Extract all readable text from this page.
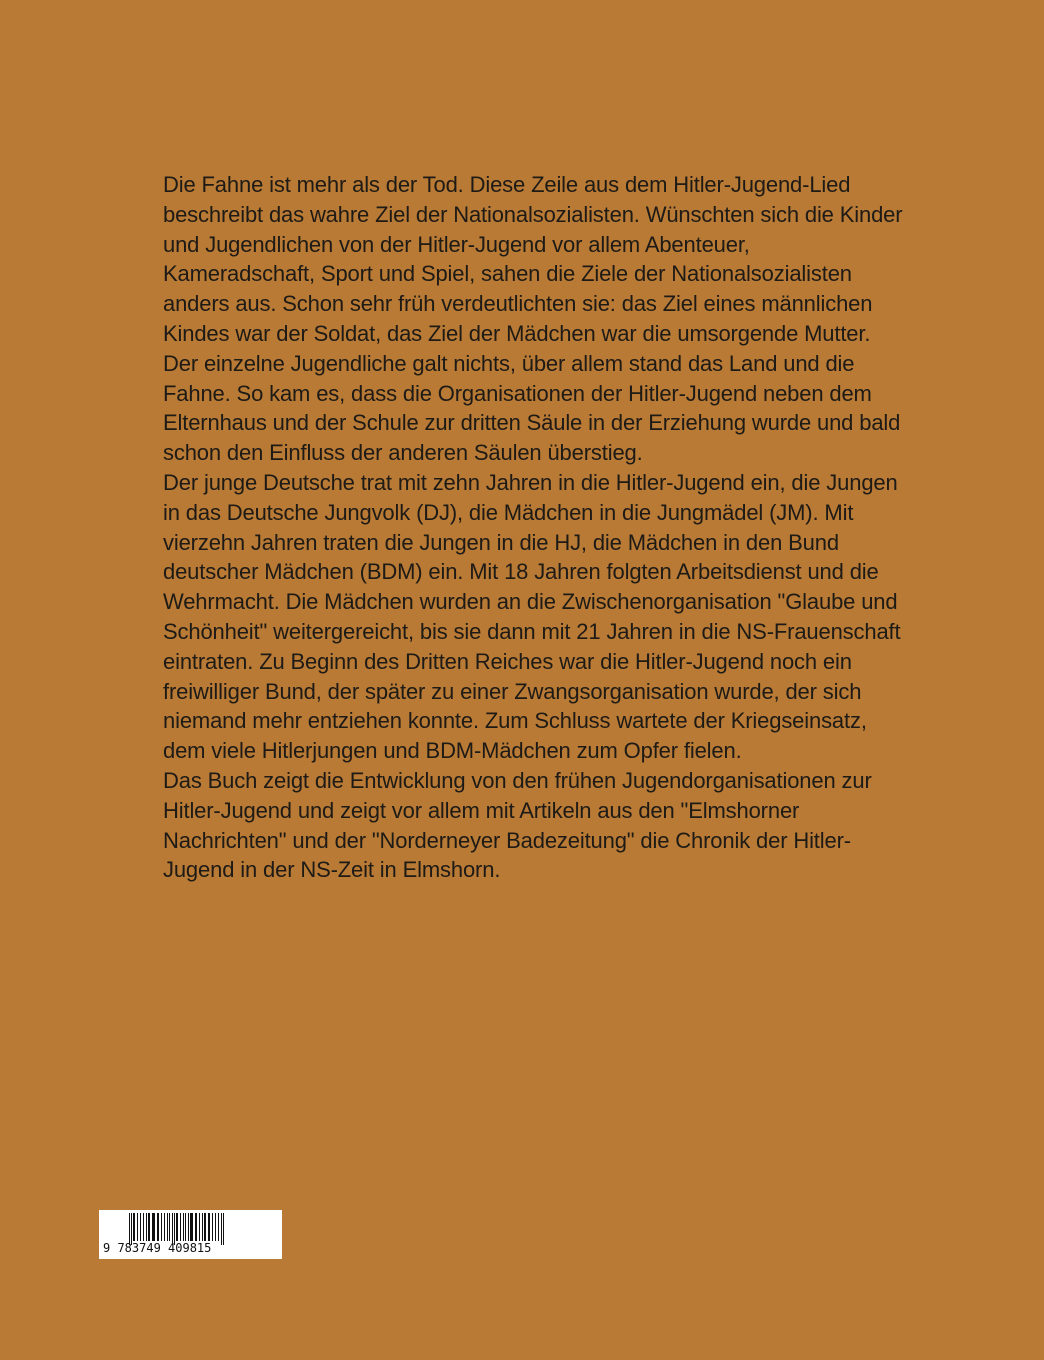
Die Fahne ist mehr als der Tod. Diese Zeile aus dem Hitler-Jugend-Lied beschreibt das wahre Ziel der Nationalsozialisten. Wünschten sich die Kinder und Jugendlichen von der Hitler-Jugend vor allem Abenteuer, Kameradschaft, Sport und Spiel, sahen die Ziele der Nationalsozialisten anders aus. Schon sehr früh verdeutlichten sie: das Ziel eines männlichen Kindes war der Soldat, das Ziel der Mädchen war die umsorgende Mutter. Der einzelne Jugendliche galt nichts, über allem stand das Land und die Fahne. So kam es, dass die Organisationen der Hitler-Jugend neben dem Elternhaus und der Schule zur dritten Säule in der Erziehung wurde und bald schon den Einfluss der anderen Säulen überstieg.

Der junge Deutsche trat mit zehn Jahren in die Hitler-Jugend ein, die Jungen in das Deutsche Jungvolk (DJ), die Mädchen in die Jungmädel (JM). Mit vierzehn Jahren traten die Jungen in die HJ, die Mädchen in den Bund deutscher Mädchen (BDM) ein. Mit 18 Jahren folgten Arbeitsdienst und die Wehrmacht. Die Mädchen wurden an die Zwischenorganisation "Glaube und Schönheit" weitergereicht, bis sie dann mit 21 Jahren in die NS-Frauenschaft eintraten. Zu Beginn des Dritten Reiches war die Hitler-Jugend noch ein freiwilliger Bund, der später zu einer Zwangsorganisation wurde, der sich niemand mehr entziehen konnte. Zum Schluss wartete der Kriegseinsatz, dem viele Hitlerjungen und BDM-Mädchen zum Opfer fielen.

Das Buch zeigt die Entwicklung von den frühen Jugendorganisationen zur Hitler-Jugend und zeigt vor allem mit Artikeln aus den "Elmshorner Nachrichten" und der "Norderneyer Badezeitung" die Chronik der Hitler-Jugend in der NS-Zeit in Elmshorn.

9 783749 409815
